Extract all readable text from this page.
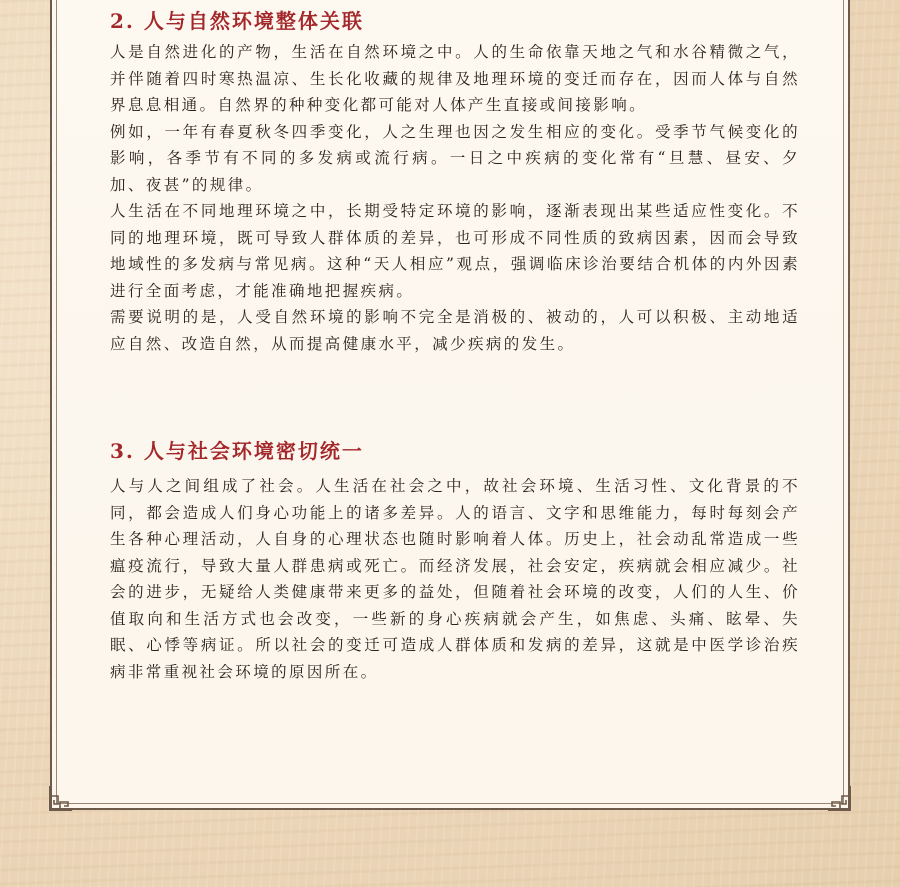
2. 人与自然环境整体关联

人是自然进化的产物，生活在自然环境之中。人的生命依靠天地之气和水谷精微之气，并伴随着四时寒热温凉、生长化收藏的规律及地理环境的变迁而存在，因而人体与自然界息息相通。自然界的种种变化都可能对人体产生直接或间接影响。

例如，一年有春夏秋冬四季变化，人之生理也因之发生相应的变化。受季节气候变化的影响，各季节有不同的多发病或流行病。一日之中疾病的变化常有“旦慧、昼安、夕加、夜甚”的规律。

人生活在不同地理环境之中，长期受特定环境的影响，逐渐表现出某些适应性变化。不同的地理环境，既可导致人群体质的差异，也可形成不同性质的致病因素，因而会导致地域性的多发病与常见病。这种“天人相应”观点，强调临床诊治要结合机体的内外因素进行全面考虑，才能准确地把握疾病。

需要说明的是，人受自然环境的影响不完全是消极的、被动的，人可以积极、主动地适应自然、改造自然，从而提高健康水平，减少疾病的发生。

3. 人与社会环境密切统一

人与人之间组成了社会。人生活在社会之中，故社会环境、生活习性、文化背景的不同，都会造成人们身心功能上的诸多差异。人的语言、文字和思维能力，每时每刻会产生各种心理活动，人自身的心理状态也随时影响着人体。历史上，社会动乱常造成一些瘟疫流行，导致大量人群患病或死亡。而经济发展，社会安定，疾病就会相应减少。社会的进步，无疑给人类健康带来更多的益处，但随着社会环境的改变，人们的人生、价值取向和生活方式也会改变，一些新的身心疾病就会产生，如焦虑、头痛、眩晕、失眠、心悸等病证。所以社会的变迁可造成人群体质和发病的差异，这就是中医学诊治疾病非常重视社会环境的原因所在。
